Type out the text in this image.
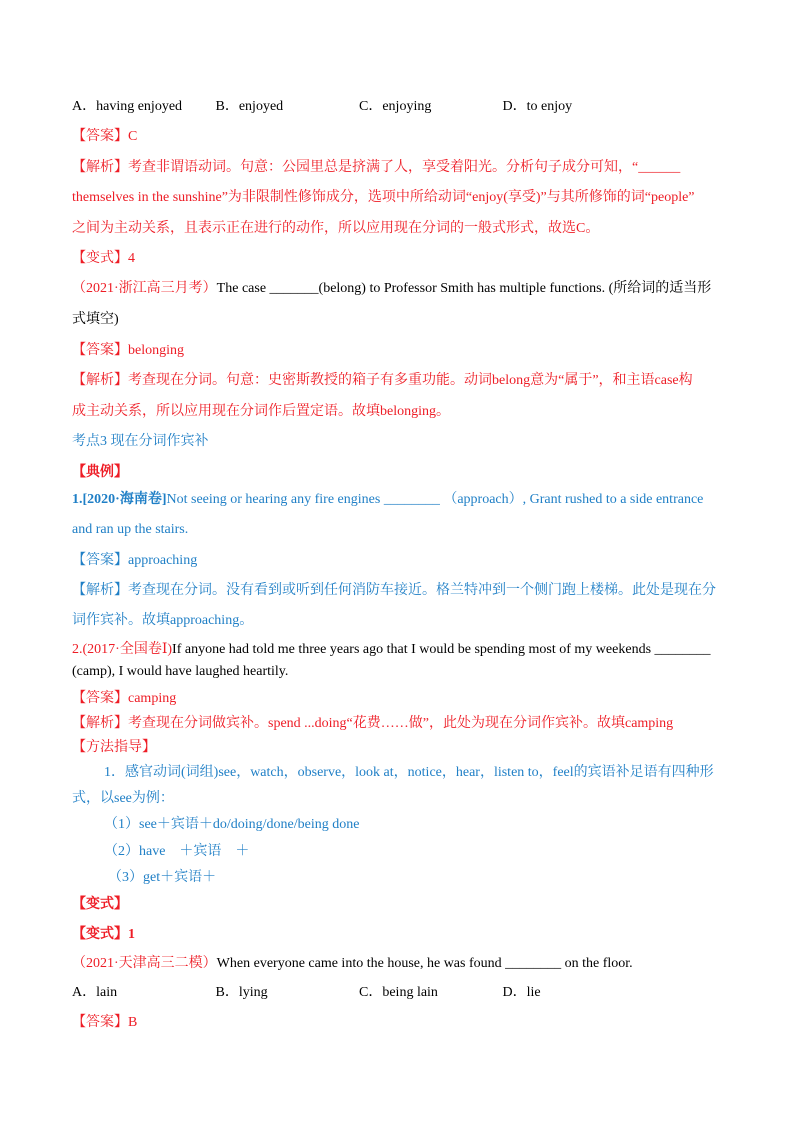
A．having enjoyed B．enjoyed	C．enjoying	D．to enjoy
【答案】C
【解析】考查非谓语动词。句意：公园里总是挤满了人，享受着阳光。分析句子成分可知，“______
themselves in the sunshine”为非限制性修饰成分，选项中所给动词“enjoy(享受)”与其所修饰的词“people”
之间为主动关系，且表示正在进行的动作，所以应用现在分词的一般式形式，故选C。
【变式】4
（2021·浙江高三月考）The case _______(belong) to Professor Smith has multiple functions. (所给词的适当形
式填空)
【答案】belonging
【解析】考查现在分词。句意：史密斯教授的箱子有多重功能。动词belong意为“属于”，和主语case构
成主动关系，所以应用现在分词作后置定语。故填belonging。
考点3 现在分词作宾补
【典例】
1.[2020·海南卷]Not seeing or hearing any fire engines ________ （approach）, Grant rushed to a side entrance
and ran up the stairs.
【答案】approaching
【解析】考查现在分词。没有看到或听到任何消防车接近。格兰特冲到一个侧门跑上楼梯。此处是现在分
词作宾补。故填approaching。
2.(2017·全国卷Ⅰ)If anyone had told me three years ago that I would be spending most of my weekends ________
(camp), I would have laughed heartily.
【答案】camping
【解析】考查现在分词做宾补。spend ...doing“花费……做”，此处为现在分词作宾补。故填camping
【方法指导】
1．感官动词(词组)see，watch，observe，look at，notice，hear，listen to，feel的宾语补足语有四种形
式，以see为例：
（1）see＋宾语＋do/doing/done/being done
（2）have　＋宾语　＋
（3）get＋宾语＋
【变式】
【变式】1
（2021·天津高三二模）When everyone came into the house, he was found ________ on the floor.
A．lain	B．lying	C．being lain	D．lie
【答案】B
